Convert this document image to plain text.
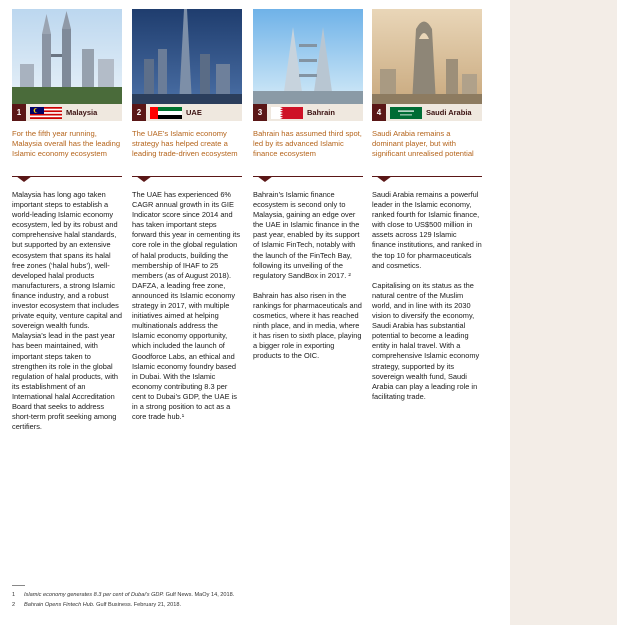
1	Malaysia
For the fifth year running, Malaysia overall has the leading Islamic economy ecosystem

Malaysia has long ago taken important steps to establish a world-leading Islamic economy ecosystem, led by its robust and comprehensive halal standards, but supported by an extensive ecosystem that spans its halal free zones (‘halal hubs’), well-developed halal products manufacturers, a strong Islamic finance industry, and a robust investor ecosystem that includes private equity, venture capital and sovereign wealth funds. Malaysia’s lead in the past year has been maintained, with important steps taken to strengthen its role in the global regulation of halal products, with its establishment of an International halal Accreditation Board that seeks to address short-term profit seeking among certifiers.

2	UAE
The UAE’s Islamic economy strategy has helped create a leading trade-driven ecosystem

The UAE has experienced 6% CAGR annual growth in its GIE Indicator score since 2014 and has taken important steps forward this year in cementing its core role in the global regulation of halal products, building the membership of IHAF to 25 members (as of August 2018). DAFZA, a leading free zone, announced its Islamic economy strategy in 2017, with multiple initiatives aimed at helping multinationals address the Islamic economy opportunity, which included the launch of Goodforce Labs, an ethical and Islamic economy foundry based in Dubai. With the Islamic economy contributing 8.3 per cent to Dubai’s GDP, the UAE is in a strong position to act as a core trade hub.¹

3	Bahrain
Bahrain has assumed third spot, led by its advanced Islamic finance ecosystem

Bahrain’s Islamic finance ecosystem is second only to Malaysia, gaining an edge over the UAE in Islamic finance in the past year, enabled by its support of Islamic FinTech, notably with the launch of the FinTech Bay, following its unveiling of the regulatory SandBox in 2017. ²

Bahrain has also risen in the rankings for pharmaceuticals and cosmetics, where it has reached ninth place, and in media, where it has risen to sixth place, playing a bigger role in exporting products to the OIC.

4	Saudi Arabia
Saudi Arabia remains a dominant player, but with significant unrealised potential

Saudi Arabia remains a powerful leader in the Islamic economy, ranked fourth for Islamic finance, with close to US$500 million in assets across 129 Islamic finance institutions, and ranked in the top 10 for pharmaceuticals and cosmetics.

Capitalising on its status as the natural centre of the Muslim world, and in line with its 2030 vision to diversify the economy, Saudi Arabia has substantial potential to become a leading entity in halal travel. With a comprehensive Islamic economy strategy, supported by its sovereign wealth fund, Saudi Arabia can play a leading role in facilitating trade.

1 Islamic economy generates 8.3 per cent of Dubai’s GDP. Gulf News. MaOy 14, 2018.
2 Bahrain Opens Fintech Hub. Gulf Business. February 21, 2018.
